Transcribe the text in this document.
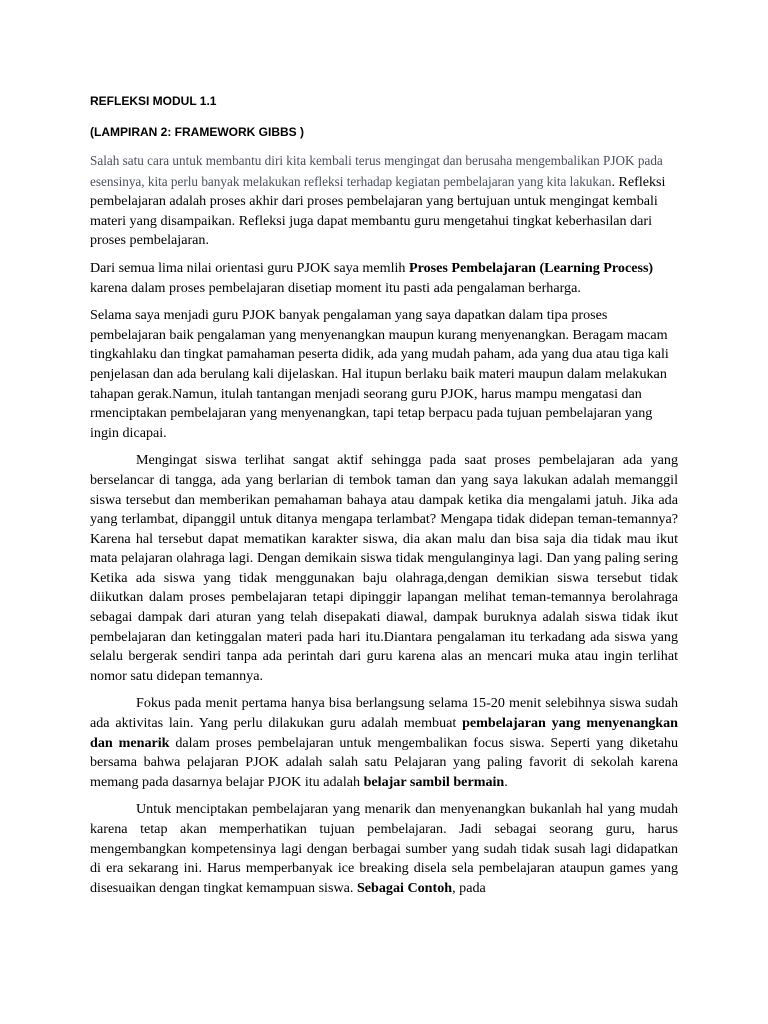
REFLEKSI MODUL 1.1
(LAMPIRAN 2: FRAMEWORK GIBBS )

Salah satu cara untuk membantu diri kita kembali terus mengingat dan berusaha mengembalikan PJOK pada esensinya, kita perlu banyak melakukan refleksi terhadap kegiatan pembelajaran yang kita lakukan. Refleksi pembelajaran adalah proses akhir dari proses pembelajaran yang bertujuan untuk mengingat kembali materi yang disampaikan. Refleksi juga dapat membantu guru mengetahui tingkat keberhasilan dari proses pembelajaran.

Dari semua lima nilai orientasi guru PJOK saya memlih Proses Pembelajaran (Learning Process) karena dalam proses pembelajaran disetiap moment itu pasti ada pengalaman berharga.

Selama saya menjadi guru PJOK banyak pengalaman yang saya dapatkan dalam tipa proses pembelajaran baik pengalaman yang menyenangkan maupun kurang menyenangkan. Beragam macam tingkahlaku dan tingkat pamahaman peserta didik, ada yang mudah paham, ada yang dua atau tiga kali penjelasan dan ada berulang kali dijelaskan. Hal itupun berlaku baik materi maupun dalam melakukan tahapan gerak.Namun, itulah tantangan menjadi seorang guru PJOK, harus mampu mengatasi dan rmenciptakan pembelajaran yang menyenangkan, tapi tetap berpacu pada tujuan pembelajaran yang ingin dicapai.

Mengingat siswa terlihat sangat aktif sehingga pada saat proses pembelajaran ada yang berselancar di tangga, ada yang berlarian di tembok taman dan yang saya lakukan adalah memanggil siswa tersebut dan memberikan pemahaman bahaya atau dampak ketika dia mengalami jatuh. Jika ada yang terlambat, dipanggil untuk ditanya mengapa terlambat? Mengapa tidak didepan teman-temannya? Karena hal tersebut dapat mematikan karakter siswa, dia akan malu dan bisa saja dia tidak mau ikut mata pelajaran olahraga lagi. Dengan demikain siswa tidak mengulanginya lagi. Dan yang paling sering Ketika ada siswa yang tidak menggunakan baju olahraga,dengan demikian siswa tersebut tidak diikutkan dalam proses pembelajaran tetapi dipinggir lapangan melihat teman-temannya berolahraga sebagai dampak dari aturan yang telah disepakati diawal, dampak buruknya adalah siswa tidak ikut pembelajaran dan ketinggalan materi pada hari itu.Diantara pengalaman itu terkadang ada siswa yang selalu bergerak sendiri tanpa ada perintah dari guru karena alas an mencari muka atau ingin terlihat nomor satu didepan temannya.

Fokus pada menit pertama hanya bisa berlangsung selama 15-20 menit selebihnya siswa sudah ada aktivitas lain. Yang perlu dilakukan guru adalah membuat pembelajaran yang menyenangkan dan menarik dalam proses pembelajaran untuk mengembalikan focus siswa. Seperti yang diketahu bersama bahwa pelajaran PJOK adalah salah satu Pelajaran yang paling favorit di sekolah karena memang pada dasarnya belajar PJOK itu adalah belajar sambil bermain.

Untuk menciptakan pembelajaran yang menarik dan menyenangkan bukanlah hal yang mudah karena tetap akan memperhatikan tujuan pembelajaran. Jadi sebagai seorang guru, harus mengembangkan kompetensinya lagi dengan berbagai sumber yang sudah tidak susah lagi didapatkan di era sekarang ini. Harus memperbanyak ice breaking disela sela pembelajaran ataupun games yang disesuaikan dengan tingkat kemampuan siswa. Sebagai Contoh, pada
